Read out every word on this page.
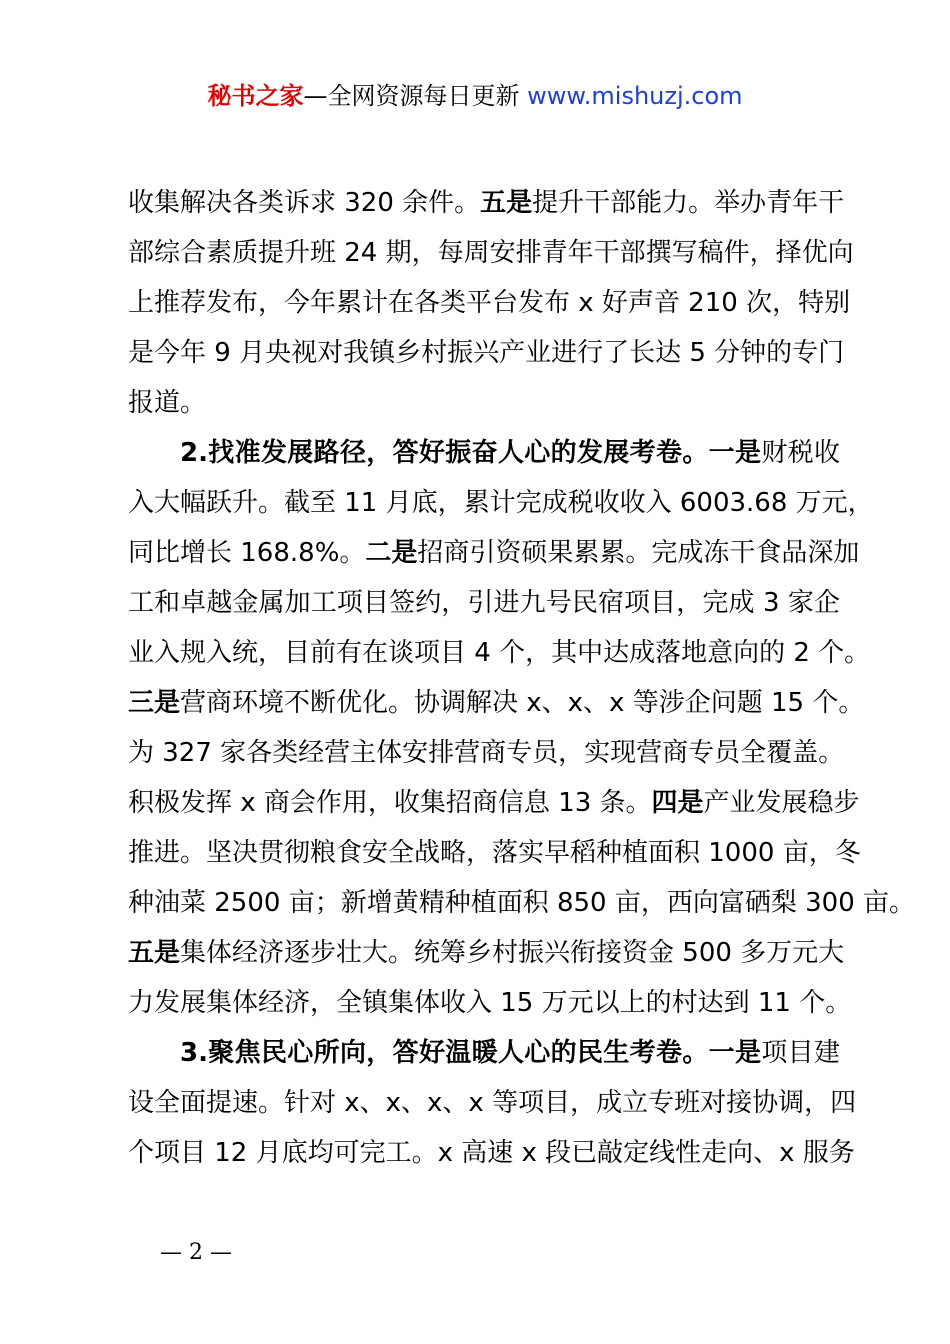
秘书之家—全网资源每日更新 www.mishuzj.com
收集解决各类诉求 320 余件。五是提升干部能力。举办青年干
部综合素质提升班 24 期，每周安排青年干部撰写稿件，择优向
上推荐发布，今年累计在各类平台发布 x 好声音 210 次，特别
是今年 9 月央视对我镇乡村振兴产业进行了长达 5 分钟的专门
报道。
2.找准发展路径，答好振奋人心的发展考卷。一是财税收
入大幅跃升。截至 11 月底，累计完成税收收入 6003.68 万元，
同比增长 168.8%。二是招商引资硕果累累。完成冻干食品深加
工和卓越金属加工项目签约，引进九号民宿项目，完成 3 家企
业入规入统，目前有在谈项目 4 个，其中达成落地意向的 2 个。
三是营商环境不断优化。协调解决 x、x、x 等涉企问题 15 个。
为 327 家各类经营主体安排营商专员，实现营商专员全覆盖。
积极发挥 x 商会作用，收集招商信息 13 条。四是产业发展稳步
推进。坚决贯彻粮食安全战略，落实早稻种植面积 1000 亩，冬
种油菜 2500 亩；新增黄精种植面积 850 亩，西向富硒梨 300 亩。
五是集体经济逐步壮大。统筹乡村振兴衔接资金 500 多万元大
力发展集体经济，全镇集体收入 15 万元以上的村达到 11 个。
3.聚焦民心所向，答好温暖人心的民生考卷。一是项目建
设全面提速。针对 x、x、x、x 等项目，成立专班对接协调，四
个项目 12 月底均可完工。x 高速 x 段已敲定线性走向、x 服务
— 2 —
